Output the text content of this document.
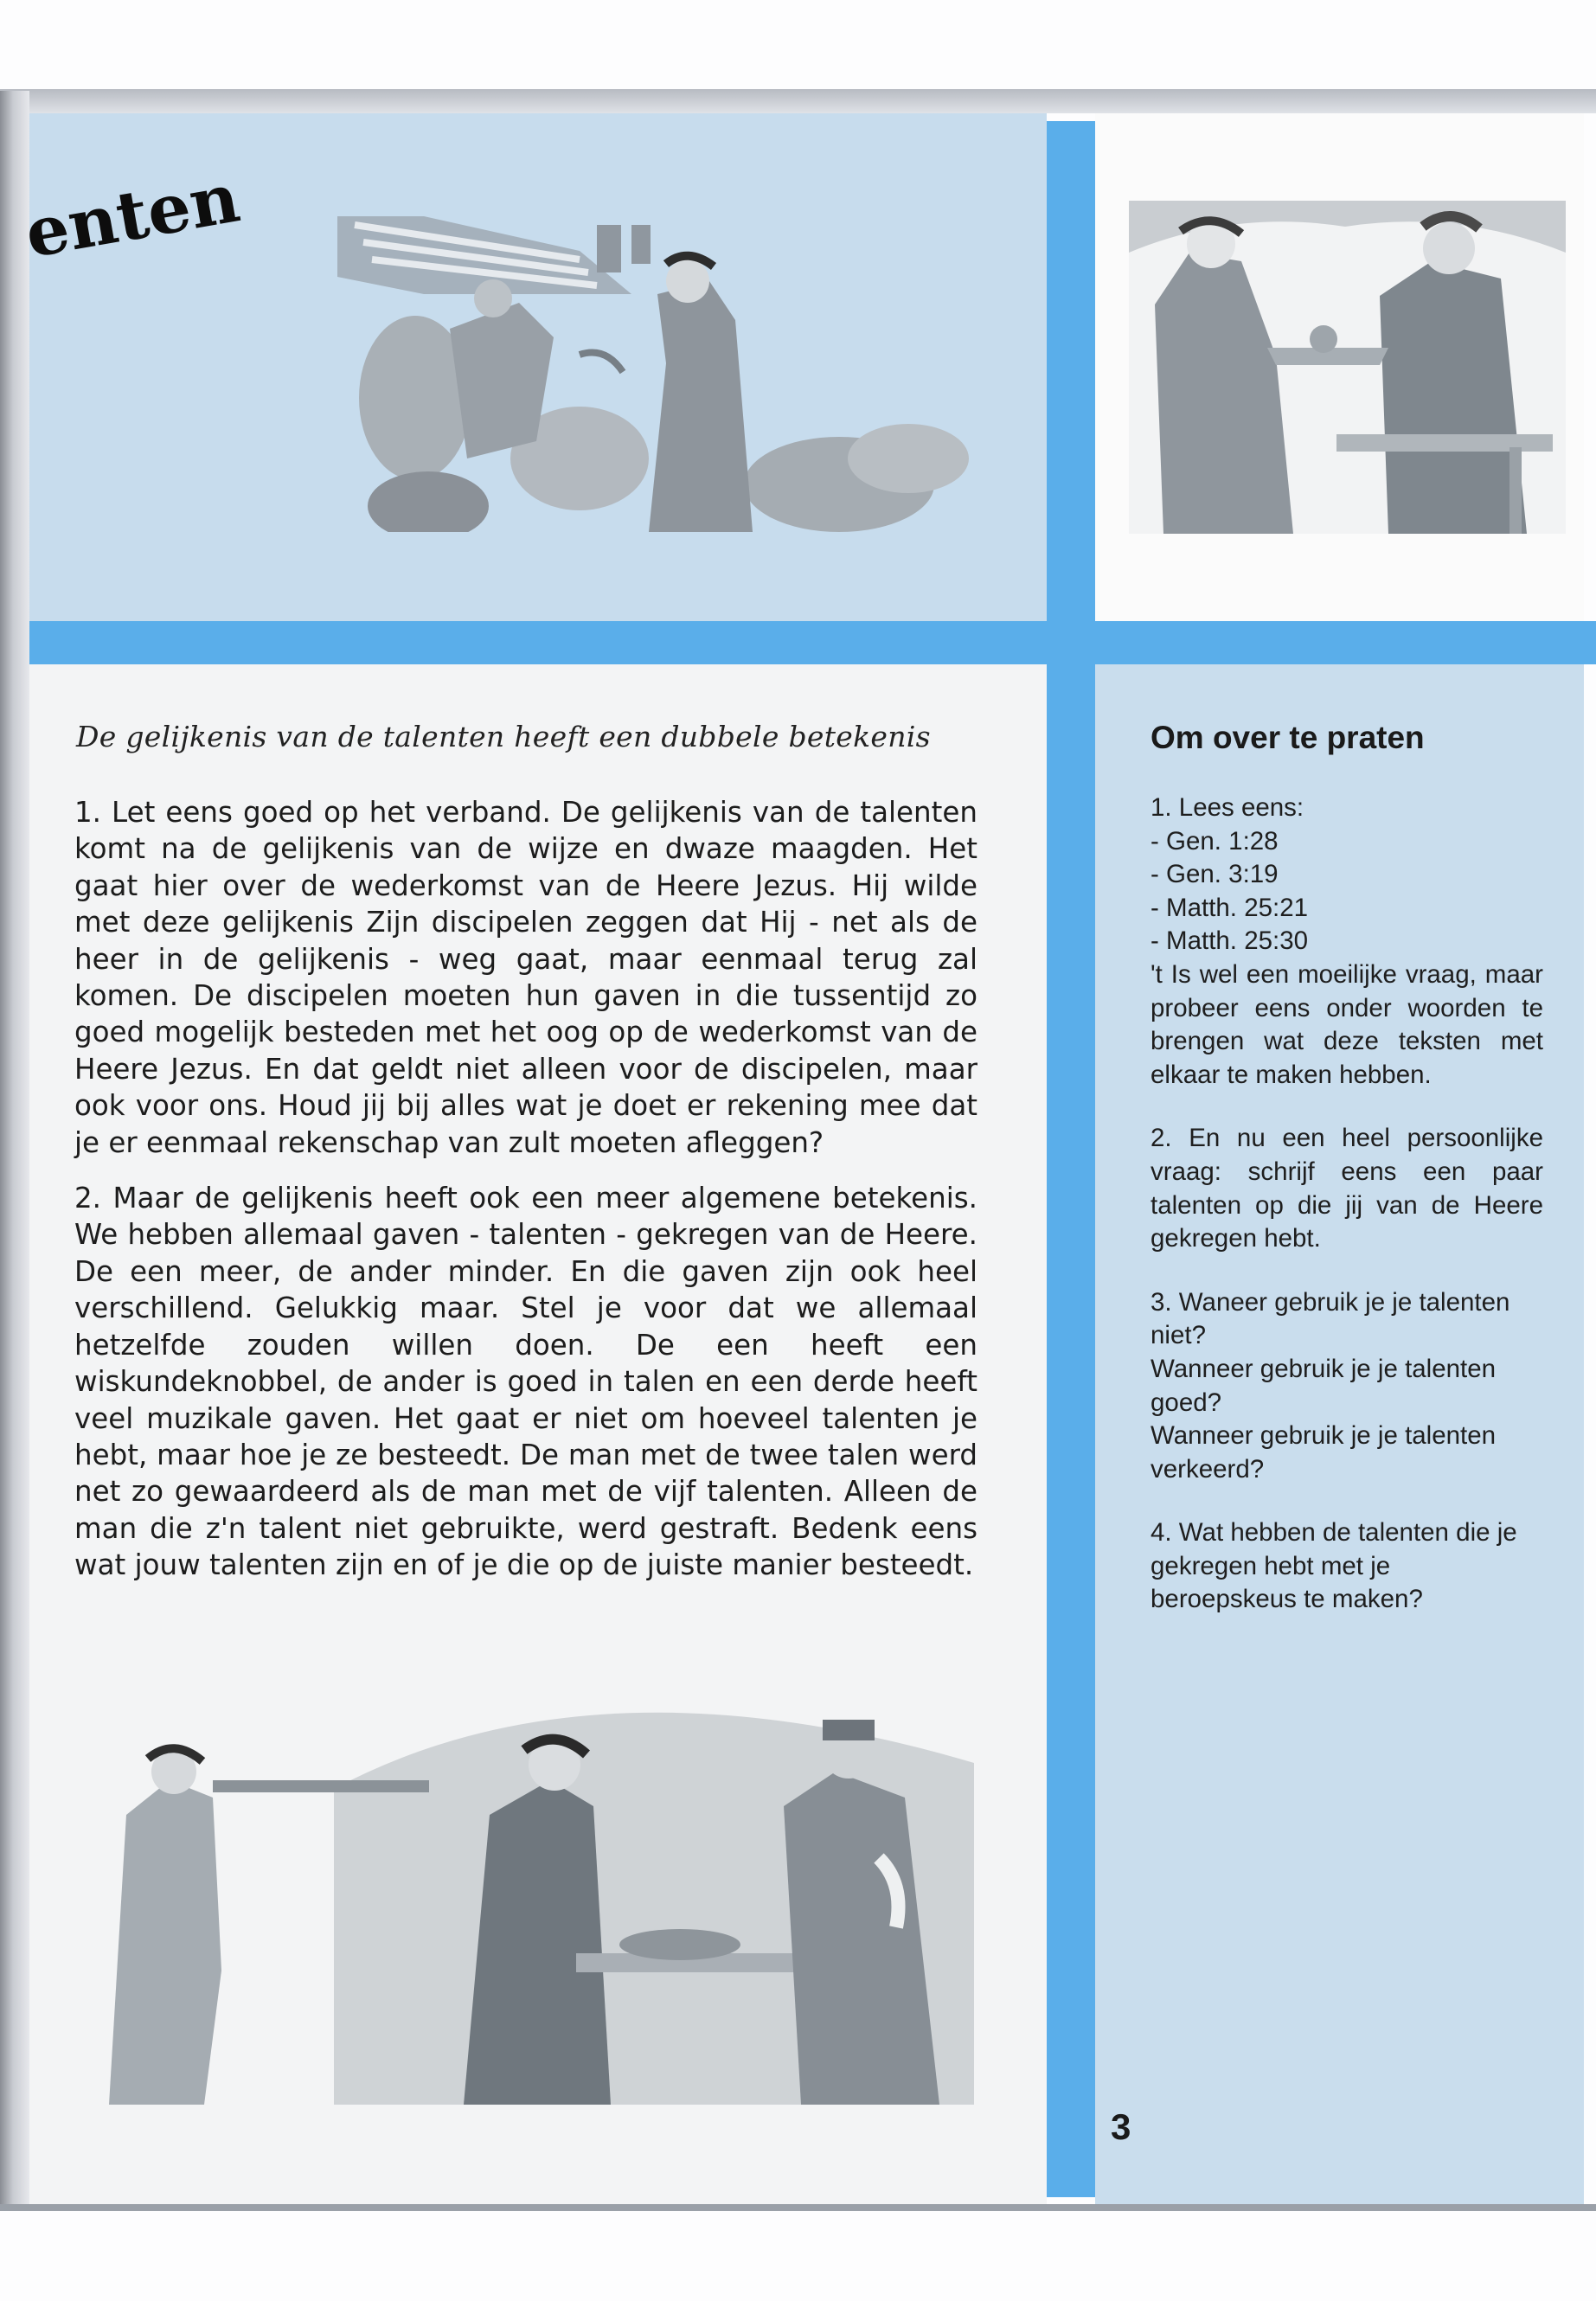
enten

De gelijkenis van de talenten heeft een dubbele betekenis

1. Let eens goed op het verband. De gelijkenis van de talenten komt na de gelijkenis van de wijze en dwaze maagden. Het gaat hier over de wederkomst van de Heere Jezus. Hij wilde met deze gelijkenis Zijn discipelen zeggen dat Hij - net als de heer in de gelijkenis - weg gaat, maar eenmaal terug zal komen. De discipelen moeten hun gaven in die tussentijd zo goed mogelijk besteden met het oog op de wederkomst van de Heere Jezus. En dat geldt niet alleen voor de discipelen, maar ook voor ons. Houd jij bij alles wat je doet er rekening mee dat je er eenmaal rekenschap van zult moeten afleggen?

2. Maar de gelijkenis heeft ook een meer algemene betekenis. We hebben allemaal gaven - talenten - gekregen van de Heere. De een meer, de ander minder. En die gaven zijn ook heel verschillend. Gelukkig maar. Stel je voor dat we allemaal hetzelfde zouden willen doen. De een heeft een wiskundeknobbel, de ander is goed in talen en een derde heeft veel muzikale gaven. Het gaat er niet om hoeveel talenten je hebt, maar hoe je ze besteedt. De man met de twee talen werd net zo gewaardeerd als de man met de vijf talenten. Alleen de man die z'n talent niet gebruikte, werd gestraft. Bedenk eens wat jouw talenten zijn en of je die op de juiste manier besteedt.

Om over te praten

1. Lees eens:

- Gen. 1:28
- Gen. 3:19
- Matth. 25:21
- Matth. 25:30

't Is wel een moeilijke vraag, maar probeer eens onder woorden te brengen wat deze teksten met elkaar te maken hebben.

2. En nu een heel persoonlijke vraag: schrijf eens een paar talenten op die jij van de Heere gekregen hebt.

3. Waneer gebruik je je talenten niet?

Wanneer gebruik je je talenten goed?

Wanneer gebruik je je talenten verkeerd?

4. Wat hebben de talenten die je gekregen hebt met je beroepskeus te maken?

3
